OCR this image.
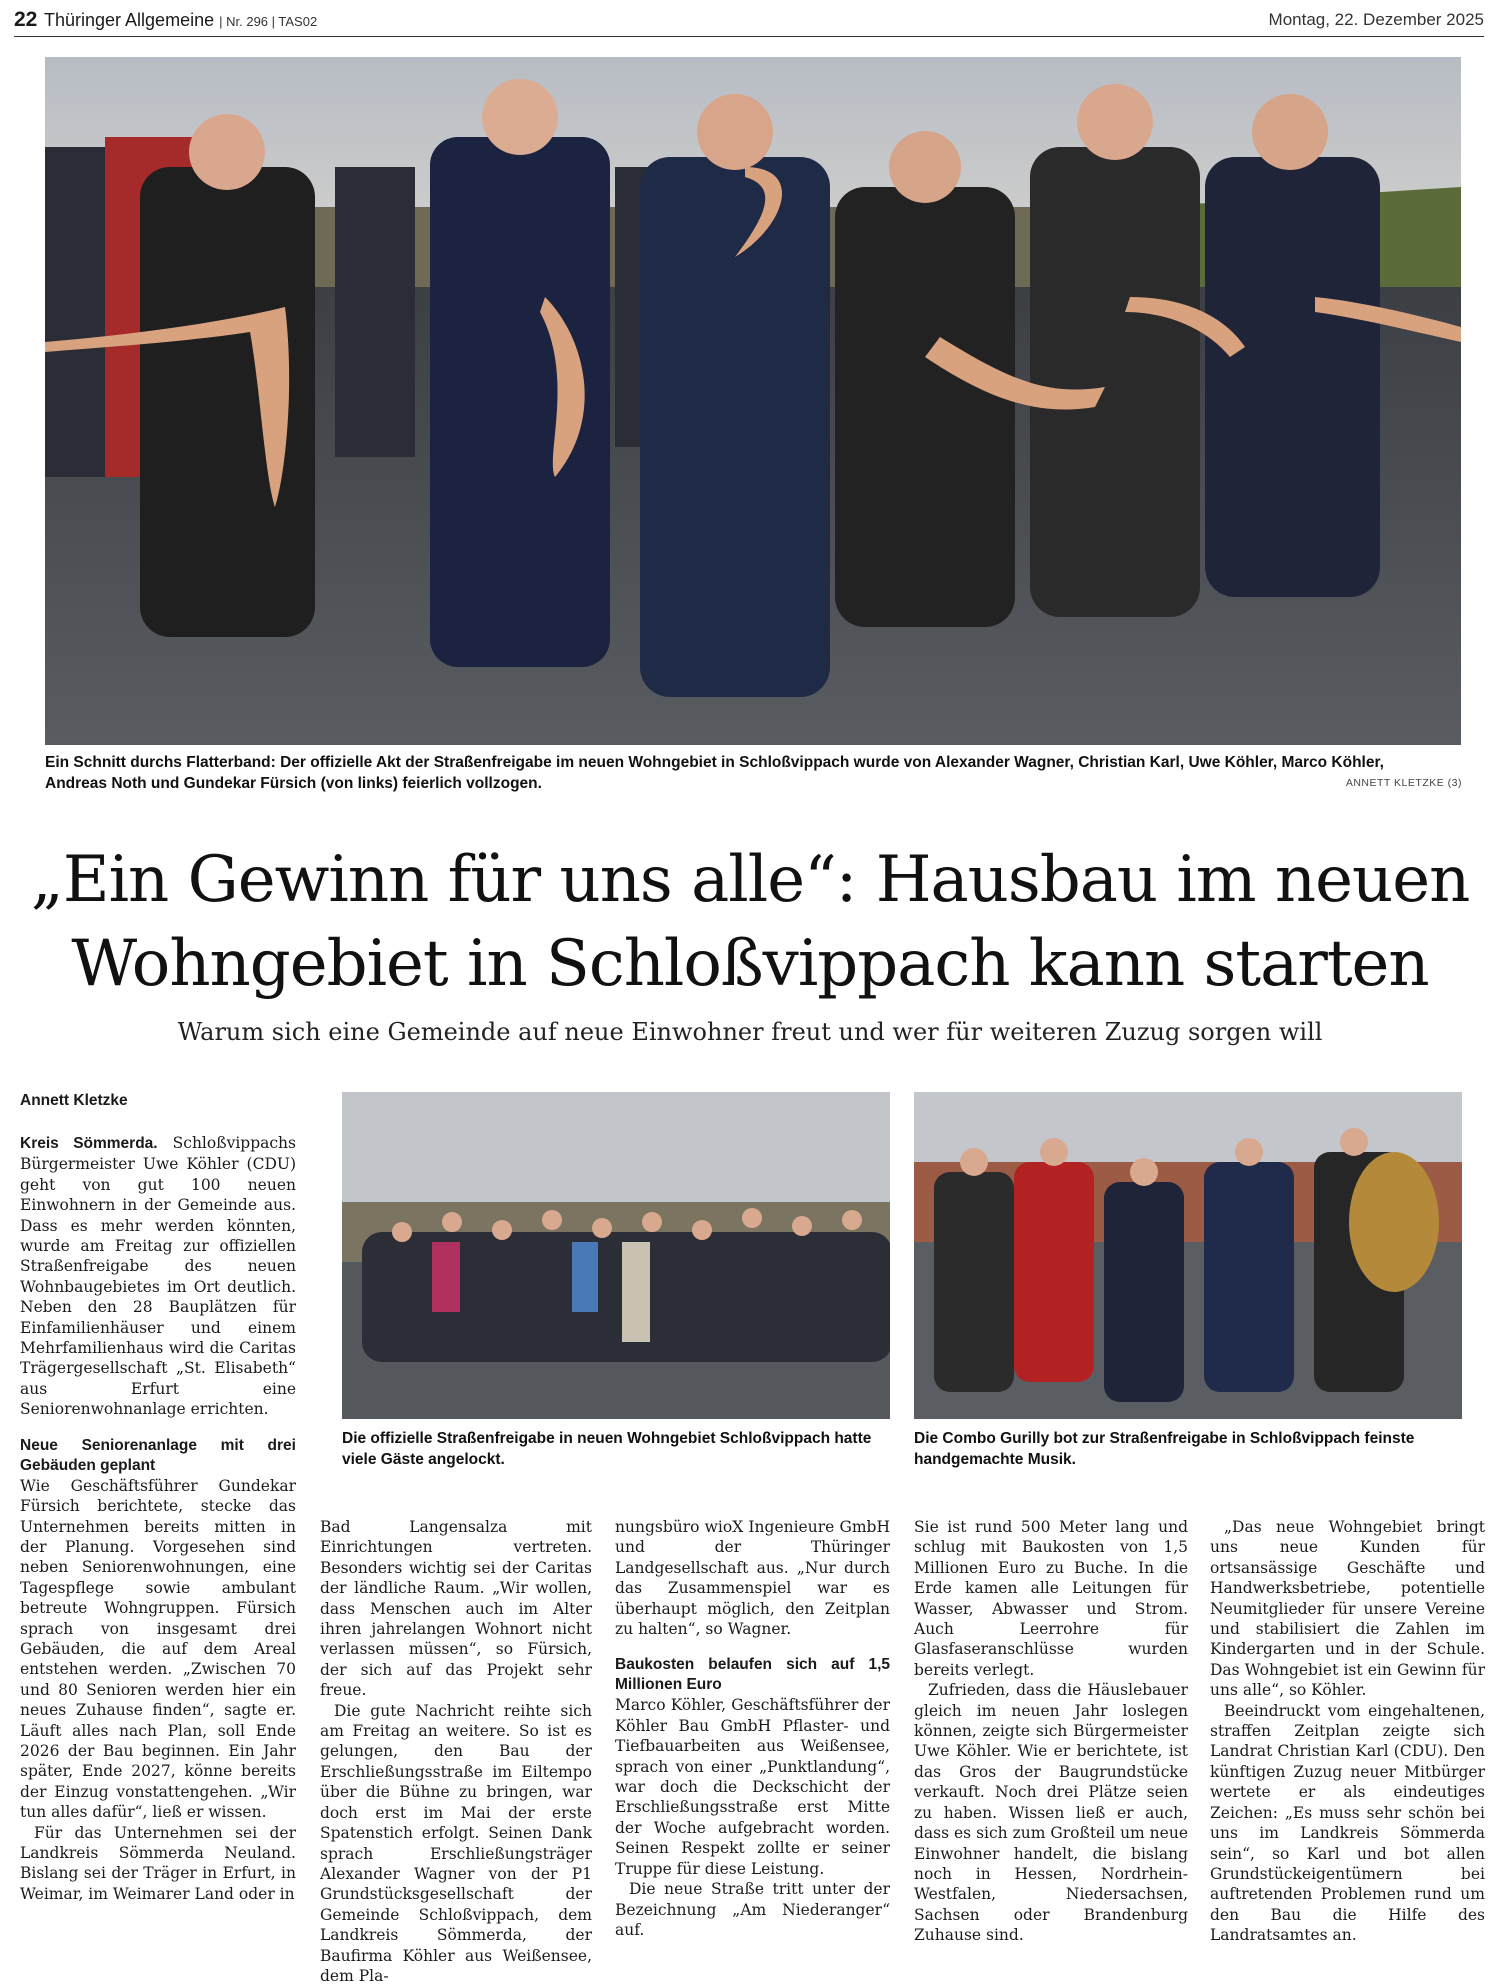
22 Thüringer Allgemeine | Nr. 296 | TAS02	Montag, 22. Dezember 2025
Ein Schnitt durchs Flatterband: Der offizielle Akt der Straßenfreigabe im neuen Wohngebiet in Schloßvippach wurde von Alexander Wagner, Christian Karl, Uwe Köhler, Marco Köhler, Andreas Noth und Gundekar Fürsich (von links) feierlich vollzogen.	ANNETT KLETZKE (3)
„Ein Gewinn für uns alle“: Hausbau im neuen
Wohngebiet in Schloßvippach kann starten
Warum sich eine Gemeinde auf neue Einwohner freut und wer für weiteren Zuzug sorgen will
Annett Kletzke
Die offizielle Straßenfreigabe in neuen Wohngebiet Schloßvippach hatte viele Gäste angelockt.
Die Combo Gurilly bot zur Straßenfreigabe in Schloßvippach feinste handgemachte Musik.

Kreis Sömmerda. Schloßvippachs Bürgermeister Uwe Köhler (CDU) geht von gut 100 neuen Einwohnern in der Gemeinde aus. Dass es mehr werden könnten, wurde am Freitag zur offiziellen Straßenfreigabe des neuen Wohnbaugebietes im Ort deutlich. Neben den 28 Bauplätzen für Einfamilienhäuser und einem Mehrfamilienhaus wird die Caritas Trägergesellschaft „St. Elisabeth“ aus Erfurt eine Seniorenwohnanlage errichten.

Neue Seniorenanlage mit drei Gebäuden geplant

Wie Geschäftsführer Gundekar Fürsich berichtete, stecke das Unternehmen bereits mitten in der Planung. Vorgesehen sind neben Seniorenwohnungen, eine Tagespflege sowie ambulant betreute Wohngruppen. Fürsich sprach von insgesamt drei Gebäuden, die auf dem Areal entstehen werden. „Zwischen 70 und 80 Senioren werden hier ein neues Zuhause finden“, sagte er. Läuft alles nach Plan, soll Ende 2026 der Bau beginnen. Ein Jahr später, Ende 2027, könne bereits der Einzug vonstattengehen. „Wir tun alles dafür“, ließ er wissen.

Für das Unternehmen sei der Landkreis Sömmerda Neuland. Bislang sei der Träger in Erfurt, in Weimar, im Weimarer Land oder in

Bad Langensalza mit Einrichtungen vertreten. Besonders wichtig sei der Caritas der ländliche Raum. „Wir wollen, dass Menschen auch im Alter ihren jahrelangen Wohnort nicht verlassen müssen“, so Fürsich, der sich auf das Projekt sehr freue.

Die gute Nachricht reihte sich am Freitag an weitere. So ist es gelungen, den Bau der Erschließungsstraße im Eiltempo über die Bühne zu bringen, war doch erst im Mai der erste Spatenstich erfolgt. Seinen Dank sprach Erschließungsträger Alexander Wagner von der P1 Grundstücksgesellschaft der Gemeinde Schloßvippach, dem Landkreis Sömmerda, der Baufirma Köhler aus Weißensee, dem Pla-

nungsbüro wioX Ingenieure GmbH und der Thüringer Landgesellschaft aus. „Nur durch das Zusammenspiel war es überhaupt möglich, den Zeitplan zu halten“, so Wagner.

Baukosten belaufen sich auf 1,5 Millionen Euro

Marco Köhler, Geschäftsführer der Köhler Bau GmbH Pflaster- und Tiefbauarbeiten aus Weißensee, sprach von einer „Punktlandung“, war doch die Deckschicht der Erschließungsstraße erst Mitte der Woche aufgebracht worden. Seinen Respekt zollte er seiner Truppe für diese Leistung.

Die neue Straße tritt unter der Bezeichnung „Am Niederanger“ auf.

Sie ist rund 500 Meter lang und schlug mit Baukosten von 1,5 Millionen Euro zu Buche. In die Erde kamen alle Leitungen für Wasser, Abwasser und Strom. Auch Leerrohre für Glasfaseranschlüsse wurden bereits verlegt.

Zufrieden, dass die Häuslebauer gleich im neuen Jahr loslegen können, zeigte sich Bürgermeister Uwe Köhler. Wie er berichtete, ist das Gros der Baugrundstücke verkauft. Noch drei Plätze seien zu haben. Wissen ließ er auch, dass es sich zum Großteil um neue Einwohner handelt, die bislang noch in Hessen, Nordrhein-Westfalen, Niedersachsen, Sachsen oder Brandenburg Zuhause sind.

„Das neue Wohngebiet bringt uns neue Kunden für ortsansässige Geschäfte und Handwerksbetriebe, potentielle Neumitglieder für unsere Vereine und stabilisiert die Zahlen im Kindergarten und in der Schule. Das Wohngebiet ist ein Gewinn für uns alle“, so Köhler.

Beeindruckt vom eingehaltenen, straffen Zeitplan zeigte sich Landrat Christian Karl (CDU). Den künftigen Zuzug neuer Mitbürger wertete er als eindeutiges Zeichen: „Es muss sehr schön bei uns im Landkreis Sömmerda sein“, so Karl und bot allen Grundstückeigentümern bei auftretenden Problemen rund um den Bau die Hilfe des Landratsamtes an.
